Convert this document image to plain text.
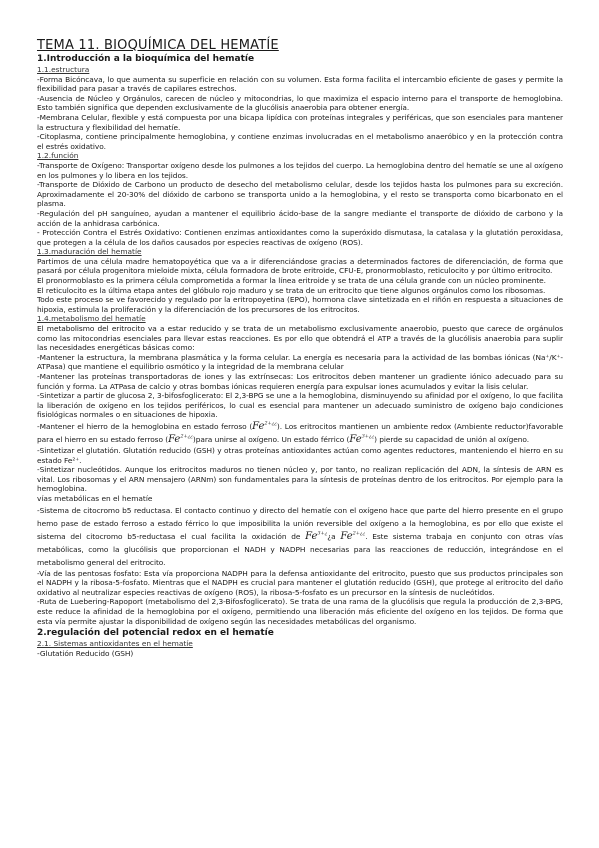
TEMA 11. BIOQUÍMICA DEL HEMATÍE
1.Introducción a la bioquímica del hematíe
1.1.estructura

-Forma Bicóncava, lo que aumenta su superficie en relación con su volumen. Esta forma facilita el intercambio eficiente de gases y permite la flexibilidad para pasar a través de capilares estrechos.

-Ausencia de Núcleo y Orgánulos, carecen de núcleo y mitocondrias, lo que maximiza el espacio interno para el transporte de hemoglobina. Esto también significa que dependen exclusivamente de la glucólisis anaerobia para obtener energía.

-Membrana Celular, flexible y está compuesta por una bicapa lipídica con proteínas integrales y periféricas, que son esenciales para mantener la estructura y flexibilidad del hematíe.

-Citoplasma, contiene principalmente hemoglobina, y contiene enzimas involucradas en el metabolismo anaeróbico y en la protección contra el estrés oxidativo.

1.2.función

-Transporte de Oxígeno: Transportar oxígeno desde los pulmones a los tejidos del cuerpo. La hemoglobina dentro del hematíe se une al oxígeno en los pulmones y lo libera en los tejidos.

-Transporte de Dióxido de Carbono un producto de desecho del metabolismo celular, desde los tejidos hasta los pulmones para su excreción. Aproximadamente el 20-30% del dióxido de carbono se transporta unido a la hemoglobina, y el resto se transporta como bicarbonato en el plasma.

-Regulación del pH sanguíneo, ayudan a mantener el equilibrio ácido-base de la sangre mediante el transporte de dióxido de carbono y la acción de la anhidrasa carbónica.

- Protección Contra el Estrés Oxidativo: Contienen enzimas antioxidantes como la superóxido dismutasa, la catalasa y la glutatión peroxidasa, que protegen a la célula de los daños causados por especies reactivas de oxígeno (ROS).

1.3.maduración del hematíe

Partimos de una célula madre hematopoyética que va a ir diferenciándose gracias a determinados factores de diferenciación, de forma que pasará por célula progenitora mieloide mixta, célula formadora de brote eritroide, CFU-E, pronormoblasto, reticulocito y por último eritrocito.

El pronormoblasto es la primera célula comprometida a formar la línea eritroide y se trata de una célula grande con un núcleo prominente.

El reticulocito es la última etapa antes del glóbulo rojo maduro y se trata de un eritrocito que tiene algunos orgánulos como los ribosomas.

Todo este proceso se ve favorecido y regulado por la eritropoyetina (EPO), hormona clave sintetizada en el riñón en respuesta a situaciones de hipoxia, estimula la proliferación y la diferenciación de los precursores de los eritrocitos.

1.4.metabolismo del hematíe

El metabolismo del eritrocito va a estar reducido y se trata de un metabolismo exclusivamente anaerobio, puesto que carece de orgánulos como las mitocondrias esenciales para llevar estas reacciones. Es por ello que obtendrá el ATP a través de la glucólisis anaerobia para suplir las necesidades energéticas básicas como:

-Mantener la estructura, la membrana plasmática y la forma celular. La energía es necesaria para la actividad de las bombas iónicas (Na⁺/K⁺-ATPasa) que mantiene el equilibrio osmótico y la integridad de la membrana celular

-Mantener las proteínas transportadoras de iones y las extrínsecas: Los eritrocitos deben mantener un gradiente iónico adecuado para su función y forma. La ATPasa de calcio y otras bombas iónicas requieren energía para expulsar iones acumulados y evitar la lisis celular.

-Sintetizar a partir de glucosa 2, 3-bifosfoglicerato: El 2,3-BPG se une a la hemoglobina, disminuyendo su afinidad por el oxígeno, lo que facilita la liberación de oxígeno en los tejidos periféricos, lo cual es esencial para mantener un adecuado suministro de oxígeno bajo condiciones fisiológicas normales o en situaciones de hipoxia.

-Mantener el hierro de la hemoglobina en estado ferroso $(Fe^{2+¿¿})$. Los eritrocitos mantienen un ambiente redox (Ambiente reductor)favorable para el hierro en su estado ferroso $(Fe^{2+¿¿})para$ unirse al oxígeno. Un estado férrico $(Fe^{3+¿¿})$ pierde su capacidad de unión al oxígeno.

-Sintetizar el glutatión. Glutatión reducido (GSH) y otras proteínas antioxidantes actúan como agentes reductores, manteniendo el hierro en su estado Fe²⁺.

-Sintetizar nucleótidos. Aunque los eritrocitos maduros no tienen núcleo y, por tanto, no realizan replicación del ADN, la síntesis de ARN es vital. Los ribosomas y el ARN mensajero (ARNm) son fundamentales para la síntesis de proteínas dentro de los eritrocitos. Por ejemplo para la hemoglobina.

vías metabólicas en el hematíe

-Sistema de citocromo b5 reductasa. El contacto continuo y directo del hematíe con el oxígeno hace que parte del hierro presente en el grupo hemo pase de estado ferroso a estado férrico lo que imposibilita la unión reversible del oxígeno a la hemoglobina, es por ello que existe el sistema del citocromo b5-reductasa el cual facilita la oxidación de $Fe^{3+¿}¿a$ $Fe^{2+¿¿}$. Este sistema trabaja en conjunto con otras vías metabólicas, como la glucólisis que proporcionan el NADH y NADPH necesarias para las reacciones de reducción, integrándose en el metabolismo general del eritrocito.

-Vía de las pentosas fosfato: Esta vía proporciona NADPH para la defensa antioxidante del eritrocito, puesto que sus productos principales son el NADPH y la ribosa-5-fosfato. Mientras que el NADPH es crucial para mantener el glutatión reducido (GSH), que protege al eritrocito del daño oxidativo al neutralizar especies reactivas de oxígeno (ROS), la ribosa-5-fosfato es un precursor en la síntesis de nucleótidos.

-Ruta de Luebering-Rapoport (metabolismo del 2,3-Bifosfoglicerato). Se trata de una rama de la glucólisis que regula la producción de 2,3-BPG, este reduce la afinidad de la hemoglobina por el oxígeno, permitiendo una liberación más eficiente del oxígeno en los tejidos. De forma que esta vía permite ajustar la disponibilidad de oxígeno según las necesidades metabólicas del organismo.

2.regulación del potencial redox en el hematíe
2.1. Sistemas antioxidantes en el hematíe

-Glutatión Reducido (GSH)
